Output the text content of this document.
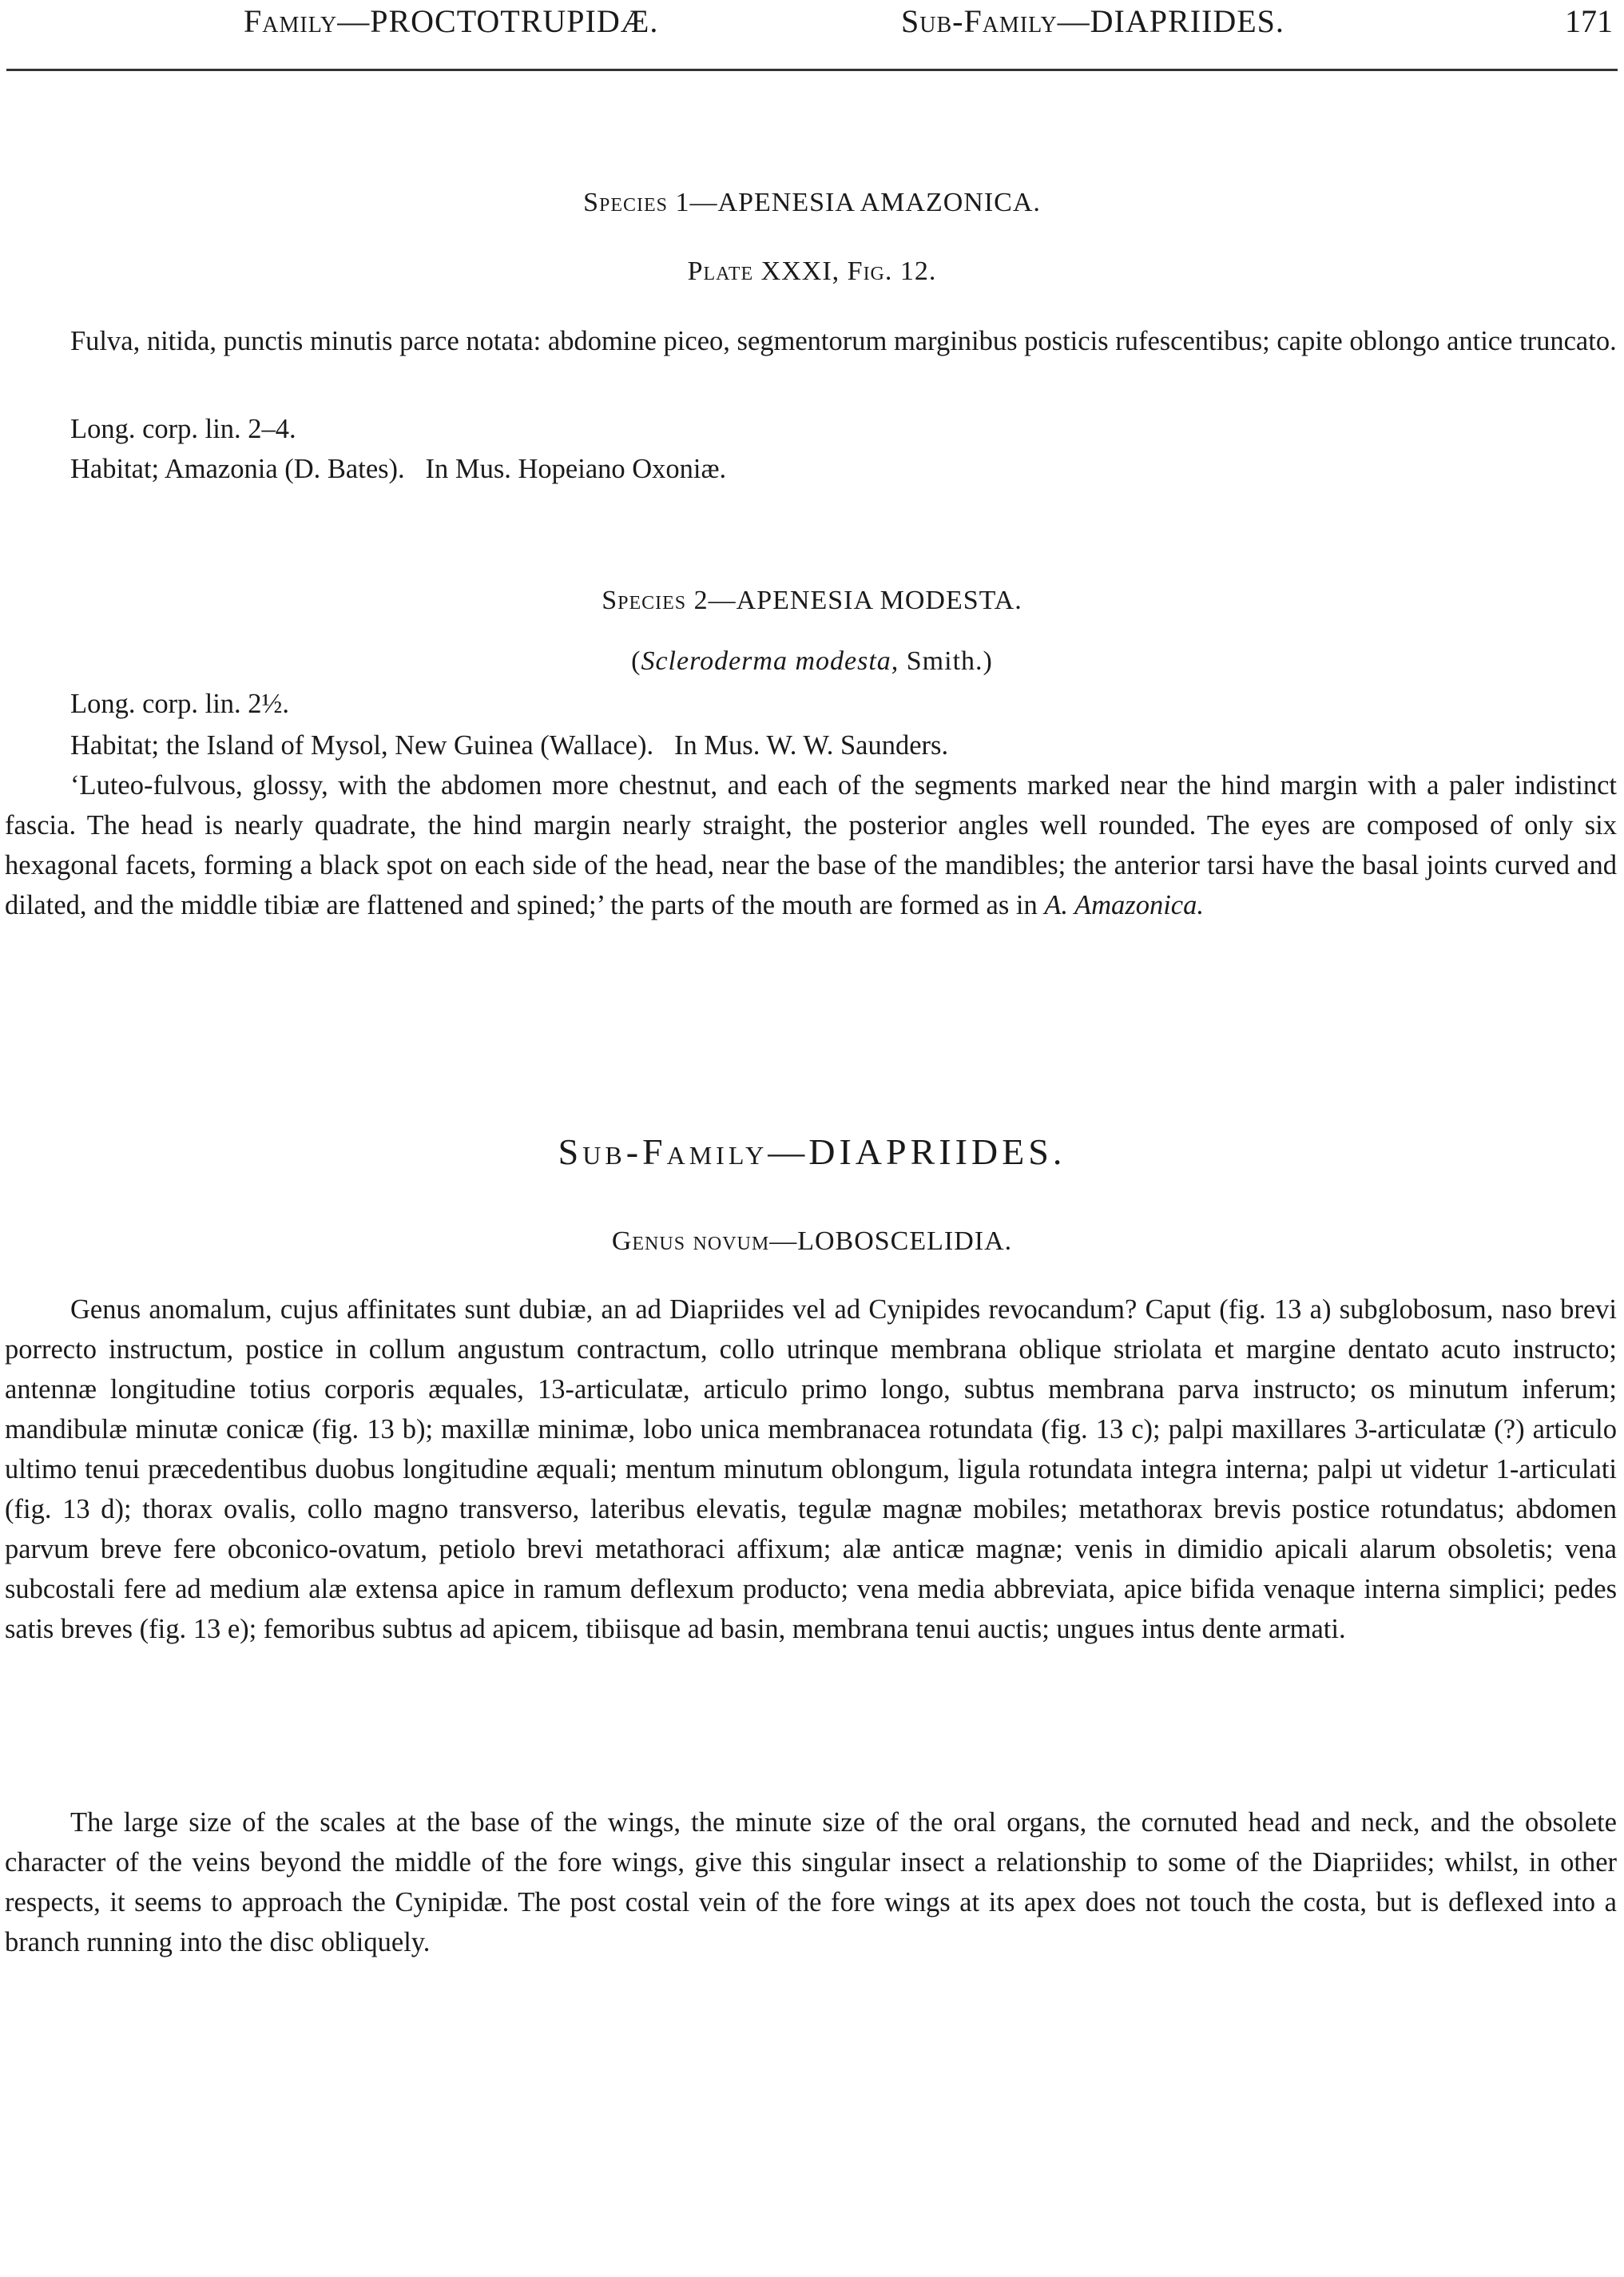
Family—PROCTOTRUPIDÆ.	Sub-Family—DIAPRIIDES.	171
Species 1—APENESIA AMAZONICA.
Plate XXXI, Fig. 12.
Fulva, nitida, punctis minutis parce notata: abdomine piceo, segmentorum marginibus posticis rufescentibus; capite oblongo antice truncato.
Long. corp. lin. 2–4.
Habitat; Amazonia (D. Bates).   In Mus. Hopeiano Oxoniæ.
Species 2—APENESIA MODESTA.
(Scleroderma modesta, Smith.)
Long. corp. lin. 2½.
Habitat; the Island of Mysol, New Guinea (Wallace).   In Mus. W. W. Saunders.
‘Luteo-fulvous, glossy, with the abdomen more chestnut, and each of the segments marked near the hind margin with a paler indistinct fascia. The head is nearly quadrate, the hind margin nearly straight, the posterior angles well rounded. The eyes are composed of only six hexagonal facets, forming a black spot on each side of the head, near the base of the mandibles; the anterior tarsi have the basal joints curved and dilated, and the middle tibiæ are flattened and spined;’ the parts of the mouth are formed as in A. Amazonica.
Sub-Family—DIAPRIIDES.
Genus novum—LOBOSCELIDIA.
Genus anomalum, cujus affinitates sunt dubiæ, an ad Diapriides vel ad Cynipides revocandum? Caput (fig. 13 a) subglobosum, naso brevi porrecto instructum, postice in collum angustum contractum, collo utrinque membrana oblique striolata et margine dentato acuto instructo; antennæ longitudine totius corporis æquales, 13-articulatæ, articulo primo longo, subtus membrana parva instructo; os minutum inferum; mandibulæ minutæ conicæ (fig. 13 b); maxillæ minimæ, lobo unica membranacea rotundata (fig. 13 c); palpi maxillares 3-articulatæ (?) articulo ultimo tenui præcedentibus duobus longitudine æquali; mentum minutum oblongum, ligula rotundata integra interna; palpi ut videtur 1-articulati (fig. 13 d); thorax ovalis, collo magno transverso, lateribus elevatis, tegulæ magnæ mobiles; metathorax brevis postice rotundatus; abdomen parvum breve fere obconico-ovatum, petiolo brevi metathoraci affixum; alæ anticæ magnæ; venis in dimidio apicali alarum obsoletis; vena subcostali fere ad medium alæ extensa apice in ramum deflexum producto; vena media abbreviata, apice bifida venaque interna simplici; pedes satis breves (fig. 13 e); femoribus subtus ad apicem, tibiisque ad basin, membrana tenui auctis; ungues intus dente armati.
The large size of the scales at the base of the wings, the minute size of the oral organs, the cornuted head and neck, and the obsolete character of the veins beyond the middle of the fore wings, give this singular insect a relationship to some of the Diapriides; whilst, in other respects, it seems to approach the Cynipidæ. The post costal vein of the fore wings at its apex does not touch the costa, but is deflexed into a branch running into the disc obliquely.
